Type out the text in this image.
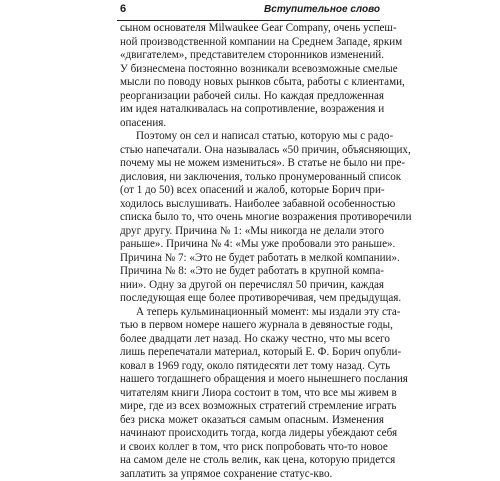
6	Вступительное слово
сыном основателя Milwaukee Gear Company, очень успеш-
ной производственной компании на Среднем Западе, ярким
«двигателем», представителем сторонников изменений.
У бизнесмена постоянно возникали всевозможные смелые
мысли по поводу новых рынков сбыта, работы с клиентами,
реорганизации рабочей силы. Но каждая предложенная
им идея наталкивалась на сопротивление, возражения и
опасения.
Поэтому он сел и написал статью, которую мы с радо-
стью напечатали. Она называлась «50 причин, объясняющих,
почему мы не можем измениться». В статье не было ни пре-
дисловия, ни заключения, только пронумерованный список
(от 1 до 50) всех опасений и жалоб, которые Борич при-
ходилось выслушивать. Наиболее забавной особенностью
списка было то, что очень многие возражения противоречили
друг другу. Причина № 1: «Мы никогда не делали этого
раньше». Причина № 4: «Мы уже пробовали это раньше».
Причина № 7: «Это не будет работать в мелкой компании».
Причина № 8: «Это не будет работать в крупной компа-
нии». Одну за другой он перечислял 50 причин, каждая
последующая еще более противоречивая, чем предыдущая.
А теперь кульминационный момент: мы издали эту ста-
тью в первом номере нашего журнала в девяностые годы,
более двадцати лет назад. Но скажу честно, что мы всего
лишь перепечатали материал, который Е. Ф. Борич опубли-
ковал в 1969 году, около пятидесяти лет тому назад. Суть
нашего тогдашнего обращения и моего нынешнего послания
читателям книги Лиора состоит в том, что все мы живем в
мире, где из всех возможных стратегий стремление играть
без риска может оказаться самым опасным. Изменения
начинают происходить тогда, когда лидеры убеждают себя
и своих коллег в том, что риск попробовать что-то новое
на самом деле не столь велик, как цена, которую придется
заплатить за упрямое сохранение статус-кво.
